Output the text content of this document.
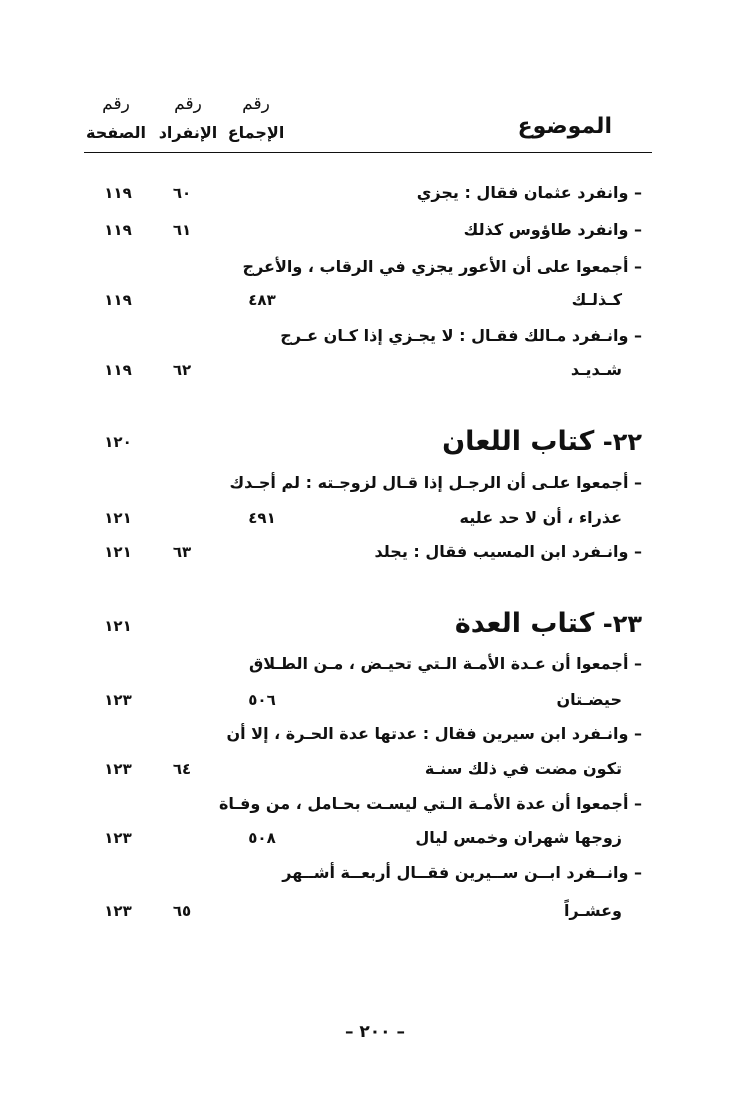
رقم
الإجماع
رقم
الإنفراد
رقم
الصفحة	الموضوع
– وانفرد عثمان فقال : يجزي
٦٠
١١٩
– وانفرد طاؤوس كذلك
٦١
١١٩
– أجمعوا على أن الأعور يجزي في الرقاب ، والأعرج
كـذلـك
٤٨٣
١١٩
– وانـفرد مـالك فقـال : لا يجـزي إذا كـان عـرج
شـديـد
٦٢
١١٩
٢٢- كتاب اللعان
١٢٠
– أجمعوا علـى أن الرجـل إذا قـال لزوجـته : لم أجـدك
عذراء ، أن لا حد عليه
٤٩١
١٢١
– وانـفرد ابن المسيب فقال : يجلد
٦٣
١٢١
٢٣- كتاب العدة
١٢١
– أجمعوا أن عـدة الأمـة الـتي تحيـض ، مـن الطـلاق
حيضـتان
٥٠٦
١٢٣
– وانـفرد ابن سيرين فقال : عدتها عدة الحـرة ، إلا أن
تكون مضت في ذلك سنـة
٦٤
١٢٣
– أجمعوا أن عدة الأمـة الـتي ليسـت بحـامل ، من وفـاة
زوجها شهران وخمس ليال
٥٠٨
١٢٣
– وانــفرد ابــن ســيرين فقــال أربعــة أشــهر
وعشـراً
٦٥
١٢٣
– ٢٠٠ –
